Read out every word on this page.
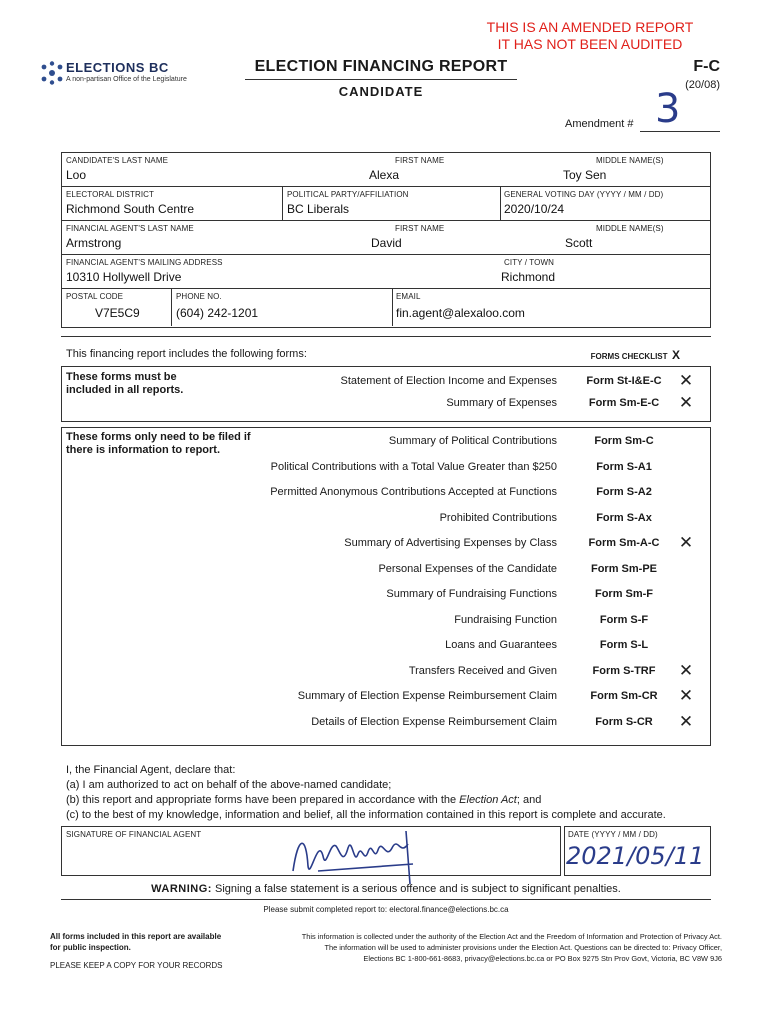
THIS IS AN AMENDED REPORT
IT HAS NOT BEEN AUDITED
ELECTIONS BC
A non-partisan Office of the Legislature
ELECTION FINANCING REPORT
CANDIDATE
F-C
(20/08)
Amendment # 3
CANDIDATE'S LAST NAME
Loo
FIRST NAME
Alexa
MIDDLE NAME(S)
Toy Sen
ELECTORAL DISTRICT
Richmond South Centre
POLITICAL PARTY/AFFILIATION
BC Liberals
GENERAL VOTING DAY (YYYY / MM / DD)
2020/10/24
FINANCIAL AGENT'S LAST NAME
Armstrong
FIRST NAME
David
MIDDLE NAME(S)
Scott
FINANCIAL AGENT'S MAILING ADDRESS
10310 Hollywell Drive
CITY / TOWN
Richmond
POSTAL CODE
V7E5C9
PHONE NO.
(604) 242-1201
EMAIL
fin.agent@alexaloo.com
This financing report includes the following forms:	FORMS CHECKLIST X
These forms must be included in all reports.
These forms only need to be filed if there is information to report.
Statement of Election Income and Expenses	Form St-I&E-C	✕
Summary of Expenses	Form Sm-E-C	✕
Summary of Political Contributions	Form Sm-C
Political Contributions with a Total Value Greater than $250	Form S-A1
Permitted Anonymous Contributions Accepted at Functions	Form S-A2
Prohibited Contributions	Form S-Ax
Summary of Advertising Expenses by Class	Form Sm-A-C	✕
Personal Expenses of the Candidate	Form Sm-PE
Summary of Fundraising Functions	Form Sm-F
Fundraising Function	Form S-F
Loans and Guarantees	Form S-L
Transfers Received and Given	Form S-TRF	✕
Summary of Election Expense Reimbursement Claim	Form Sm-CR	✕
Details of Election Expense Reimbursement Claim	Form S-CR	✕
I, the Financial Agent, declare that:
(a) I am authorized to act on behalf of the above-named candidate;
(b) this report and appropriate forms have been prepared in accordance with the Election Act; and
(c) to the best of my knowledge, information and belief, all the information contained in this report is complete and accurate.
SIGNATURE OF FINANCIAL AGENT	DATE (YYYY / MM / DD)
2021/05/11
WARNING: Signing a false statement is a serious offence and is subject to significant penalties.
Please submit completed report to: electoral.finance@elections.bc.ca
All forms included in this report are available
for public inspection.
PLEASE KEEP A COPY FOR YOUR RECORDS
This information is collected under the authority of the Election Act and the Freedom of Information and Protection of Privacy Act.
The information will be used to administer provisions under the Election Act. Questions can be directed to: Privacy Officer,
Elections BC 1-800-661-8683, privacy@elections.bc.ca or PO Box 9275 Stn Prov Govt, Victoria, BC V8W 9J6
